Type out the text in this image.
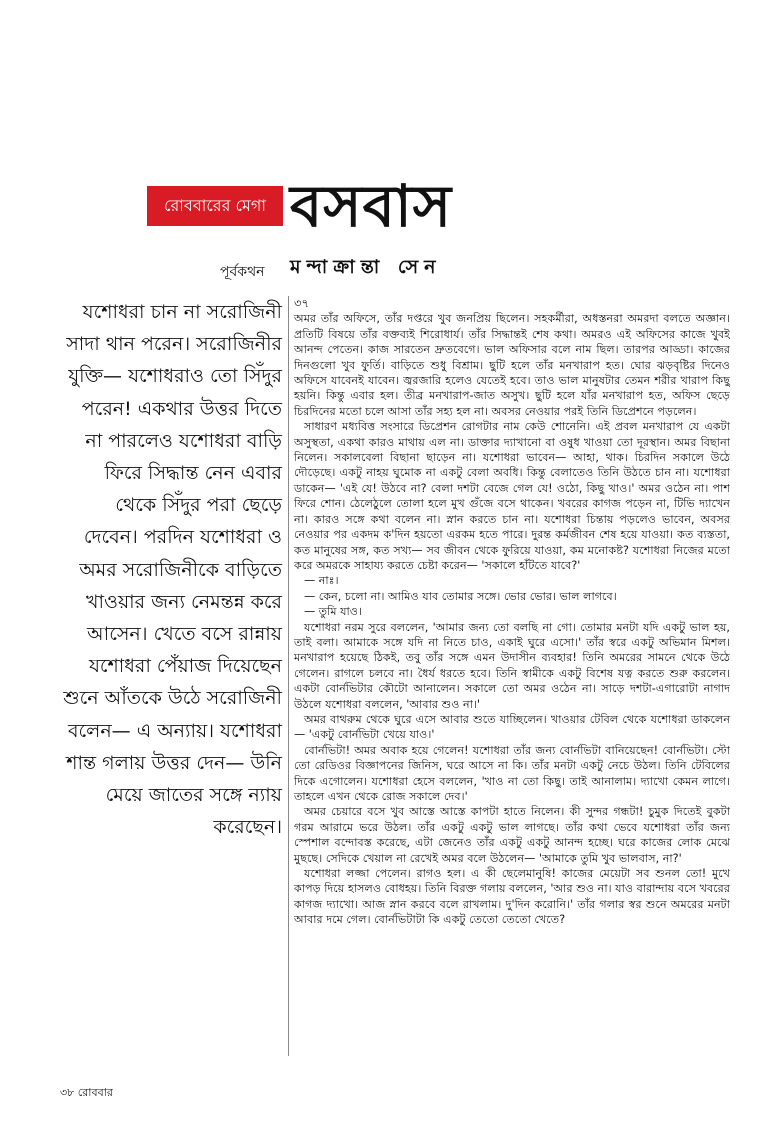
রোববারের মেগা বসবাস
পূর্বকথন মন্দাক্রান্তা সেন

যশোধরা চান না সরোজিনী সাদা থান পরেন। সরোজিনীর যুক্তি— যশোধরাও তো সিঁদুর পরেন! একথার উত্তর দিতে না পারলেও যশোধরা বাড়ি ফিরে সিদ্ধান্ত নেন এবার থেকে সিঁদুর পরা ছেড়ে দেবেন। পরদিন যশোধরা ও অমর সরোজিনীকে বাড়িতে খাওয়ার জন্য নেমন্তন্ন করে আসেন। খেতে বসে রান্নায় যশোধরা পেঁয়াজ দিয়েছেন শুনে আঁতকে উঠে সরোজিনী বলেন— এ অন্যায়। যশোধরা শান্ত গলায় উত্তর দেন— উনি মেয়ে জাতের সঙ্গে ন্যায় করেছেন।

৩৭

অমর তাঁর অফিসে, তাঁর দপ্তরে খুব জনপ্রিয় ছিলেন। সহকর্মীরা, অধস্তনরা অমরদা বলতে অজ্ঞান। প্রতিটি বিষয়ে তাঁর বক্তব্যই শিরোধার্য। তাঁর সিদ্ধান্তই শেষ কথা। অমরও এই অফিসের কাজে খুবই আনন্দ পেতেন। কাজ সারতেন দ্রুতবেগে। ভাল অফিসার বলে নাম ছিল। তারপর আড্ডা। কাজের দিনগুলো খুব ফুর্তি। বাড়িতে শুধু বিশ্রাম। ছুটি হলে তাঁর মনখারাপ হত। ঘোর ঝড়বৃষ্টির দিনেও অফিসে যাবেনই যাবেন। জ্বরজারি হলেও যেতেই হবে। তাও ভাল মানুষটার তেমন শরীর খারাপ কিছু হয়নি। কিন্তু এবার হল। তীব্র মনখারাপ-জাত অসুখ। ছুটি হলে যাঁর মনখারাপ হত, অফিস ছেড়ে চিরদিনের মতো চলে আসা তাঁর সহ্য হল না। অবসর নেওয়ার পরই তিনি ডিপ্রেশনে পড়লেন।

সাধারণ মধ্যবিত্ত সংসারে ডিপ্রেশন রোগটার নাম কেউ শোনেনি। এই প্রবল মনখারাপ যে একটা অসুস্থতা, একথা কারও মাথায় এল না। ডাক্তার দ্যাখানো বা ওষুধ খাওয়া তো দূরস্থান। অমর বিছানা নিলেন। সকালবেলা বিছানা ছাড়েন না। যশোধরা ভাবেন— আহা, থাক। চিরদিন সকালে উঠে দৌড়েছে। একটু নাহয় ঘুমোক না একটু বেলা অবধি। কিন্তু বেলাতেও তিনি উঠতে চান না। যশোধরা ডাকেন— 'এই যে! উঠবে না? বেলা দশটা বেজে গেল যে! ওঠো, কিছু খাও।' অমর ওঠেন না। পাশ ফিরে শোন। ঠেলেঠুলে তোলা হলে মুখ গুঁজে বসে থাকেন। খবরের কাগজ পড়েন না, টিভি দ্যাখেন না। কারও সঙ্গে কথা বলেন না। স্নান করতে চান না। যশোধরা চিন্তায় পড়লেও ভাবেন, অবসর নেওয়ার পর একদম ক'দিন হয়তো এরকম হতে পারে। দুরন্ত কর্মজীবন শেষ হয়ে যাওয়া। কত ব্যস্ততা, কত মানুষের সঙ্গ, কত সখ্য— সব জীবন থেকে ফুরিয়ে যাওয়া, কম মনোকষ্ট? যশোধরা নিজের মতো করে অমরকে সাহায্য করতে চেষ্টা করেন— 'সকালে হাঁটতে যাবে?'

— নাঃ।

— কেন, চলো না। আমিও যাব তোমার সঙ্গে। ভোর ভোর। ভাল লাগবে।

— তুমি যাও।

যশোধরা নরম সুরে বললেন, 'আমার জন্য তো বলছি না গো। তোমার মনটা যদি একটু ভাল হয়, তাই বলা। আমাকে সঙ্গে যদি না নিতে চাও, একাই ঘুরে এসো।' তাঁর স্বরে একটু অভিমান মিশল। মনখারাপ হয়েছে ঠিকই, তবু তাঁর সঙ্গে এমন উদাসীন ব্যবহার! তিনি অমরের সামনে থেকে উঠে গেলেন। রাগলে চলবে না। ধৈর্য ধরতে হবে। তিনি স্বামীকে একটু বিশেষ যত্ন করতে শুরু করলেন। একটা বোর্নভিটার কৌটো আনালেন। সকালে তো অমর ওঠেন না। সাড়ে দশটা-এগারোটা নাগাদ উঠলে যশোধরা বললেন, 'আবার শুও না।'

অমর বাথরুম থেকে ঘুরে এসে আবার শুতে যাচ্ছিলেন। খাওয়ার টেবিল থেকে যশোধরা ডাকলেন— 'একটু বোর্নভিটা খেয়ে যাও।'

বোর্নভিটা! অমর অবাক হয়ে গেলেন! যশোধরা তাঁর জন্য বোর্নভিটা বানিয়েছেন! বোর্নভিটা। স্টো তো রেডিওর বিজ্ঞাপনের জিনিস, ঘরে আসে না কি। তাঁর মনটা একটু নেচে উঠল। তিনি টেবিলের দিকে এগোলেন। যশোধরা হেসে বললেন, 'খাও না তো কিছু। তাই আনালাম। দ্যাখো কেমন লাগে। তাহলে এখন থেকে রোজ সকালে দেব।'

অমর চেয়ারে বসে খুব আস্তে আস্তে কাপটা হাতে নিলেন। কী সুন্দর গন্ধটা! চুমুক দিতেই বুকটা গরম আরামে ভরে উঠল। তাঁর একটু একটু ভাল লাগছে। তাঁর কথা ভেবে যশোধরা তাঁর জন্য স্পেশাল বন্দোবস্ত করেছে, এটা জেনেও তাঁর একটু একটু আনন্দ হচ্ছে। ঘরে কাজের লোক মেঝে মুছছে। সেদিকে খেয়াল না রেখেই অমর বলে উঠলেন— 'আমাকে তুমি খুব ভালবাস, না?'

যশোধরা লজ্জা পেলেন। রাগও হল। এ কী ছেলেমানুষি! কাজের মেয়েটা সব শুনল তো! মুখে কাপড় দিয়ে হাসলও বোধহয়। তিনি বিরক্ত গলায় বললেন, 'আর শুও না। যাও বারান্দায় বসে খবরের কাগজ দ্যাখো। আজ স্নান করবে বলে রাখলাম। দু'দিন করোনি।' তাঁর গলার স্বর শুনে অমরের মনটা আবার দমে গেল। বোর্নভিটাটা কি একটু তেতো তেতো খেতে?

৩৮ রোববার
